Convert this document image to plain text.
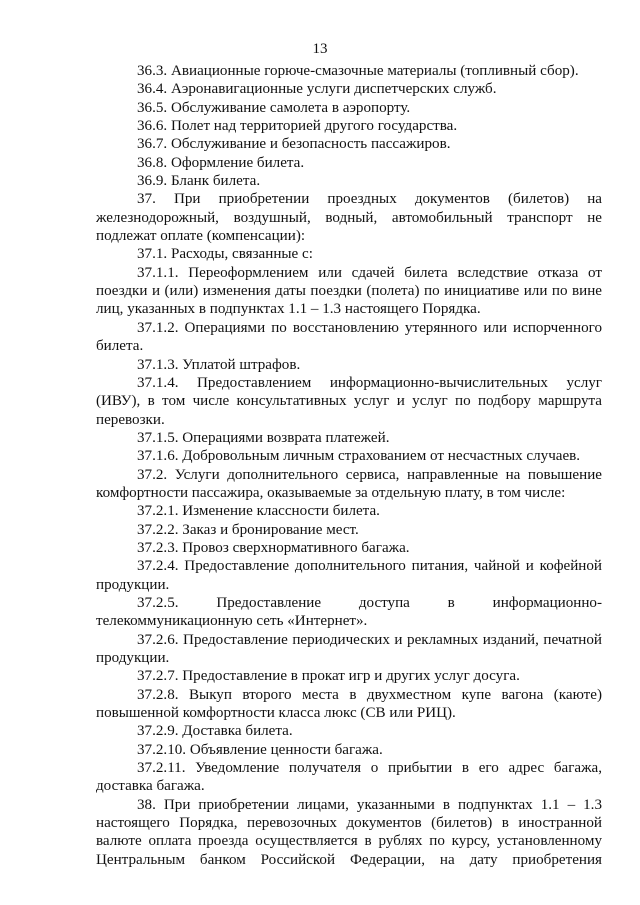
13

36.3. Авиационные горюче-смазочные материалы (топливный сбор).

36.4. Аэронавигационные услуги диспетчерских служб.

36.5. Обслуживание самолета в аэропорту.

36.6. Полет над территорией другого государства.

36.7. Обслуживание и безопасность пассажиров.

36.8. Оформление билета.

36.9. Бланк билета.

37. При приобретении проездных документов (билетов) на железнодорожный, воздушный, водный, автомобильный транспорт не подлежат оплате (компенсации):

37.1. Расходы, связанные с:

37.1.1. Переоформлением или сдачей билета вследствие отказа от поездки и (или) изменения даты поездки (полета) по инициативе или по вине лиц, указанных в подпунктах 1.1 – 1.3 настоящего Порядка.

37.1.2. Операциями по восстановлению утерянного или испорченного билета.

37.1.3. Уплатой штрафов.

37.1.4. Предоставлением информационно-вычислительных услуг (ИВУ), в том числе консультативных услуг и услуг по подбору маршрута перевозки.

37.1.5. Операциями возврата платежей.

37.1.6. Добровольным личным страхованием от несчастных случаев.

37.2. Услуги дополнительного сервиса, направленные на повышение комфортности пассажира, оказываемые за отдельную плату, в том числе:

37.2.1. Изменение классности билета.

37.2.2. Заказ и бронирование мест.

37.2.3. Провоз сверхнормативного багажа.

37.2.4. Предоставление дополнительного питания, чайной и кофейной продукции.

37.2.5. Предоставление доступа в информационно-телекоммуникационную сеть «Интернет».

37.2.6. Предоставление периодических и рекламных изданий, печатной продукции.

37.2.7. Предоставление в прокат игр и других услуг досуга.

37.2.8. Выкуп второго места в двухместном купе вагона (каюте) повышенной комфортности класса люкс (СВ или РИЦ).

37.2.9. Доставка билета.

37.2.10. Объявление ценности багажа.

37.2.11. Уведомление получателя о прибытии в его адрес багажа, доставка багажа.

38. При приобретении лицами, указанными в подпунктах 1.1 – 1.3 настоящего Порядка, перевозочных документов (билетов) в иностранной валюте оплата проезда осуществляется в рублях по курсу, установленному Центральным банком Российской Федерации, на дату приобретения
